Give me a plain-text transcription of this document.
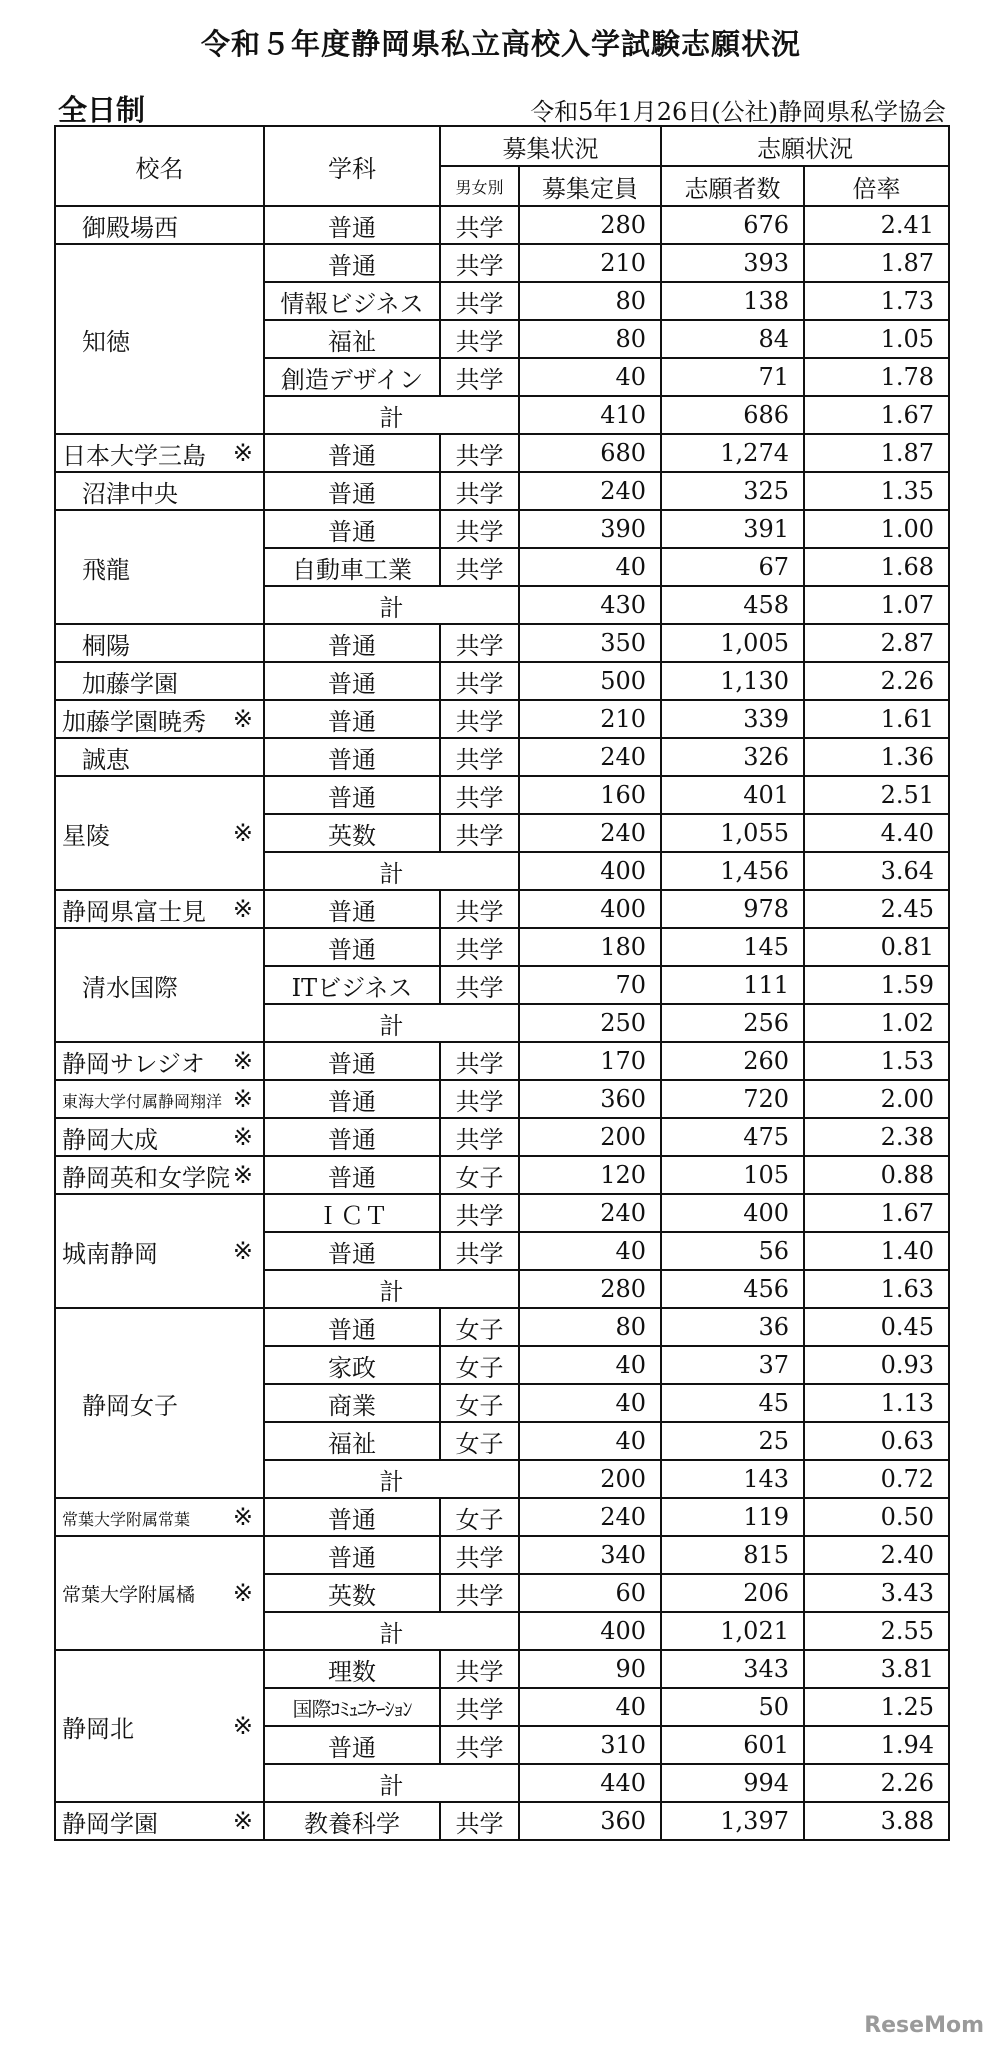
令和５年度静岡県私立高校入学試験志願状況
全日制	令和5年1月26日(公社)静岡県私学協会
校名	学科	募集状況		志願状況	
		男女別	募集定員	志願者数	倍率
御殿場西	普通	共学	280	676	2.41
知徳	普通	共学	210	393	1.87
	情報ビジネス	共学	80	138	1.73
	福祉	共学	80	84	1.05
	創造デザイン	共学	40	71	1.78
	計		410	686	1.67
日本大学三島 ※	普通	共学	680	1,274	1.87
沼津中央	普通	共学	240	325	1.35
飛龍	普通	共学	390	391	1.00
	自動車工業	共学	40	67	1.68
	計		430	458	1.07
桐陽	普通	共学	350	1,005	2.87
加藤学園	普通	共学	500	1,130	2.26
加藤学園暁秀 ※	普通	共学	210	339	1.61
誠恵	普通	共学	240	326	1.36
星陵 ※	普通	共学	160	401	2.51
	英数	共学	240	1,055	4.40
	計		400	1,456	3.64
静岡県富士見 ※	普通	共学	400	978	2.45
清水国際	普通	共学	180	145	0.81
	ITビジネス	共学	70	111	1.59
	計		250	256	1.02
静岡サレジオ ※	普通	共学	170	260	1.53
東海大学付属静岡翔洋 ※	普通	共学	360	720	2.00
静岡大成 ※	普通	共学	200	475	2.38
静岡英和女学院 ※	普通	女子	120	105	0.88
城南静岡 ※	ＩＣＴ	共学	240	400	1.67
	普通	共学	40	56	1.40
	計		280	456	1.63
静岡女子	普通	女子	80	36	0.45
	家政	女子	40	37	0.93
	商業	女子	40	45	1.13
	福祉	女子	40	25	0.63
	計		200	143	0.72
常葉大学附属常葉 ※	普通	女子	240	119	0.50
常葉大学附属橘 ※	普通	共学	340	815	2.40
	英数	共学	60	206	3.43
	計		400	1,021	2.55
静岡北 ※	理数	共学	90	343	3.81
	国際ｺﾐｭﾆｹｰｼｮﾝ	共学	40	50	1.25
	普通	共学	310	601	1.94
	計		440	994	2.26
静岡学園 ※	教養科学	共学	360	1,397	3.88
ReseMom
